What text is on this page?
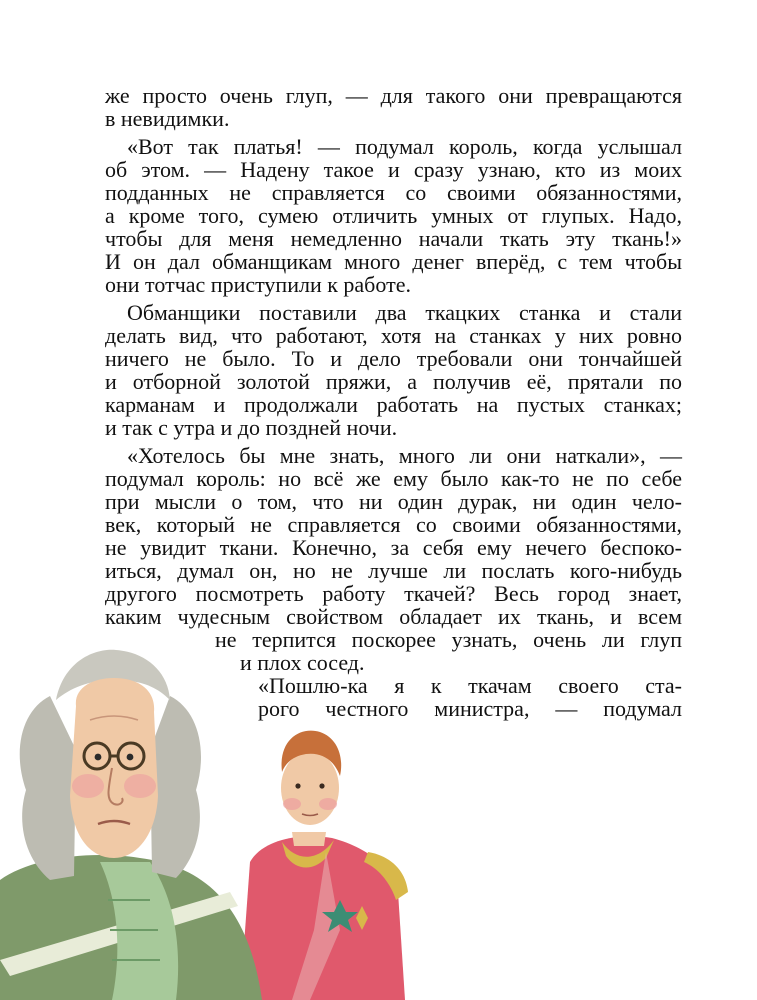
же просто очень глуп, — для такого они превращаются
в невидимки.
«Вот так платья! — подумал король, когда услышал
об этом. — Надену такое и сразу узнаю, кто из моих
подданных не справляется со своими обязанностями,
а кроме того, сумею отличить умных от глупых. Надо,
чтобы для меня немедленно начали ткать эту ткань!»
И он дал обманщикам много денег вперёд, с тем чтобы
они тотчас приступили к работе.
Обманщики поставили два ткацких станка и стали
делать вид, что работают, хотя на станках у них ровно
ничего не было. То и дело требовали они тончайшей
и отборной золотой пряжи, а получив её, прятали по
карманам и продолжали работать на пустых станках;
и так с утра и до поздней ночи.
«Хотелось бы мне знать, много ли они наткали», —
подумал король: но всё же ему было как-то не по себе
при мысли о том, что ни один дурак, ни один чело-
век, который не справляется со своими обязанностями,
не увидит ткани. Конечно, за себя ему нечего беспоко-
иться, думал он, но не лучше ли послать кого-нибудь
другого посмотреть работу ткачей? Весь город знает,
каким чудесным свойством обладает их ткань, и всем
не терпится поскорее узнать, очень ли глуп
и плох сосед.
«Пошлю-ка я к ткачам своего ста-
рого честного министра, — подумал
